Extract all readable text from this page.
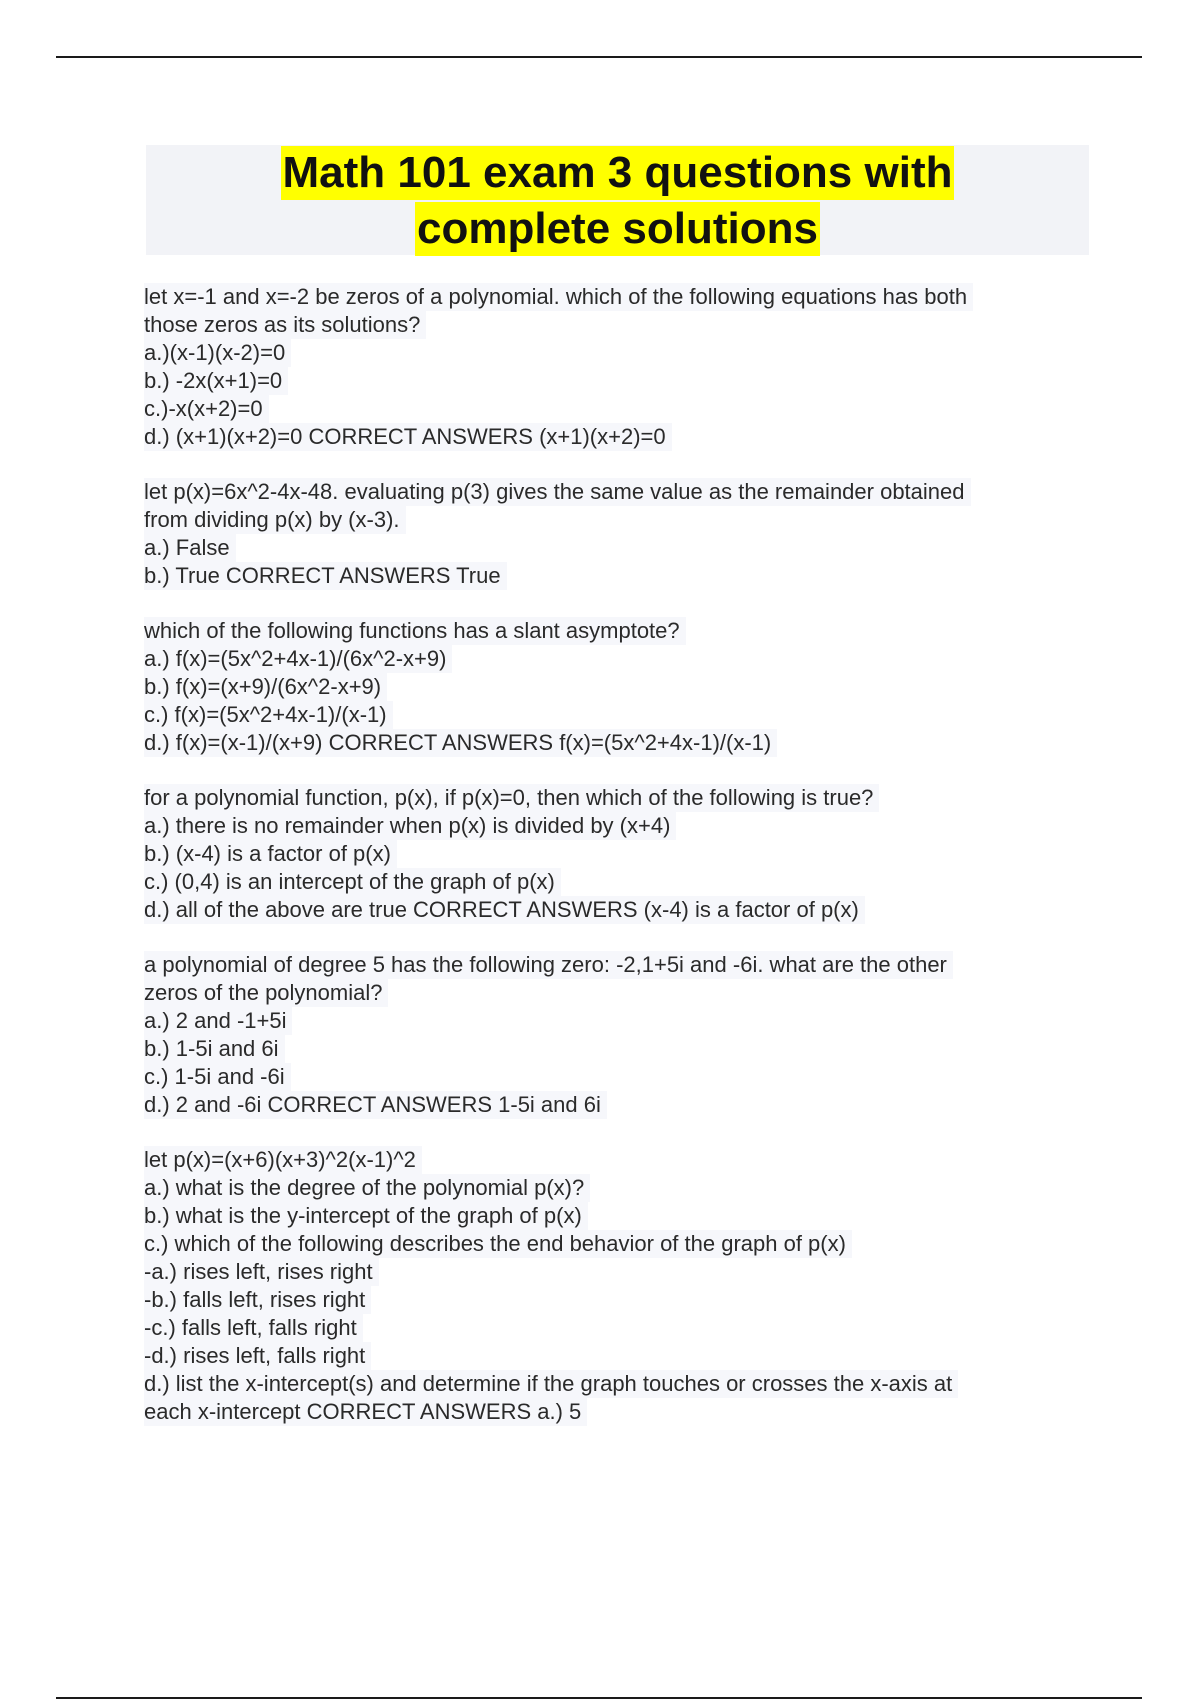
Math 101 exam 3 questions with
complete solutions
let x=-1 and x=-2 be zeros of a polynomial. which of the following equations has both
those zeros as its solutions?
a.)(x-1)(x-2)=0
b.) -2x(x+1)=0
c.)-x(x+2)=0
d.) (x+1)(x+2)=0 CORRECT ANSWERS (x+1)(x+2)=0
let p(x)=6x^2-4x-48. evaluating p(3) gives the same value as the remainder obtained
from dividing p(x) by (x-3).
a.) False
b.) True CORRECT ANSWERS True
which of the following functions has a slant asymptote?
a.) f(x)=(5x^2+4x-1)/(6x^2-x+9)
b.) f(x)=(x+9)/(6x^2-x+9)
c.) f(x)=(5x^2+4x-1)/(x-1)
d.) f(x)=(x-1)/(x+9) CORRECT ANSWERS f(x)=(5x^2+4x-1)/(x-1)
for a polynomial function, p(x), if p(x)=0, then which of the following is true?
a.) there is no remainder when p(x) is divided by (x+4)
b.) (x-4) is a factor of p(x)
c.) (0,4) is an intercept of the graph of p(x)
d.) all of the above are true CORRECT ANSWERS (x-4) is a factor of p(x)
a polynomial of degree 5 has the following zero: -2,1+5i and -6i. what are the other
zeros of the polynomial?
a.) 2 and -1+5i
b.) 1-5i and 6i
c.) 1-5i and -6i
d.) 2 and -6i CORRECT ANSWERS 1-5i and 6i
let p(x)=(x+6)(x+3)^2(x-1)^2
a.) what is the degree of the polynomial p(x)?
b.) what is the y-intercept of the graph of p(x)
c.) which of the following describes the end behavior of the graph of p(x)
-a.) rises left, rises right
-b.) falls left, rises right
-c.) falls left, falls right
-d.) rises left, falls right
d.) list the x-intercept(s) and determine if the graph touches or crosses the x-axis at
each x-intercept CORRECT ANSWERS a.) 5
